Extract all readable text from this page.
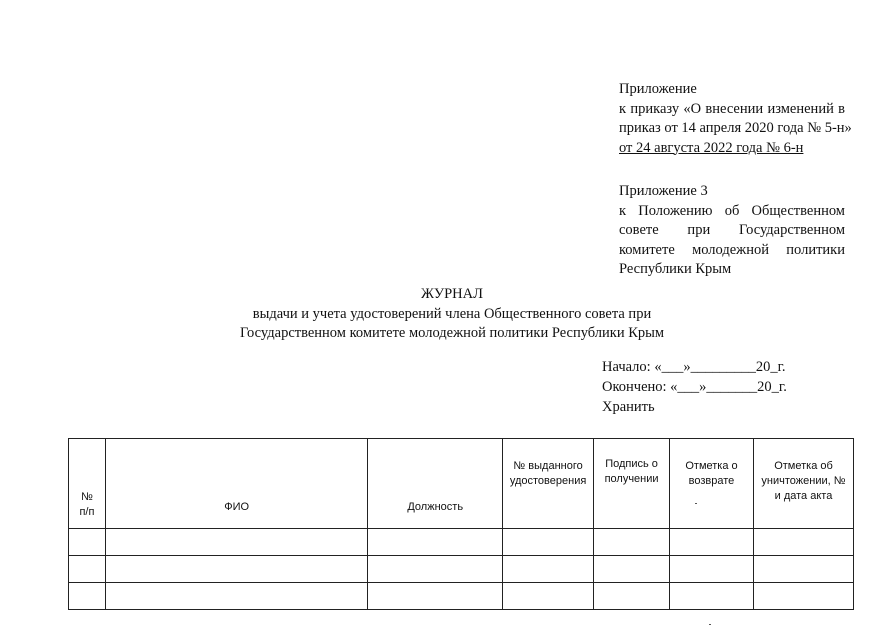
Приложение
к приказу «О внесении изменений в
приказ от 14 апреля 2020 года № 5-н»
от 24 августа 2022 года № 6-н
Приложение 3
к Положению об Общественном
совете при Государственном
комитете молодежной политики
Республики Крым
ЖУРНАЛ
выдачи и учета удостоверений члена Общественного совета при
Государственном комитете молодежной политики Республики Крым
Начало: «___»_________20_г.
Окончено: «___»_______20_г.
Хранить
№ п/п	ФИО	Должность	№ выданного удостоверения	Подпись о получении	Отметка о возврате	Отметка об уничтожении, № и дата акта
